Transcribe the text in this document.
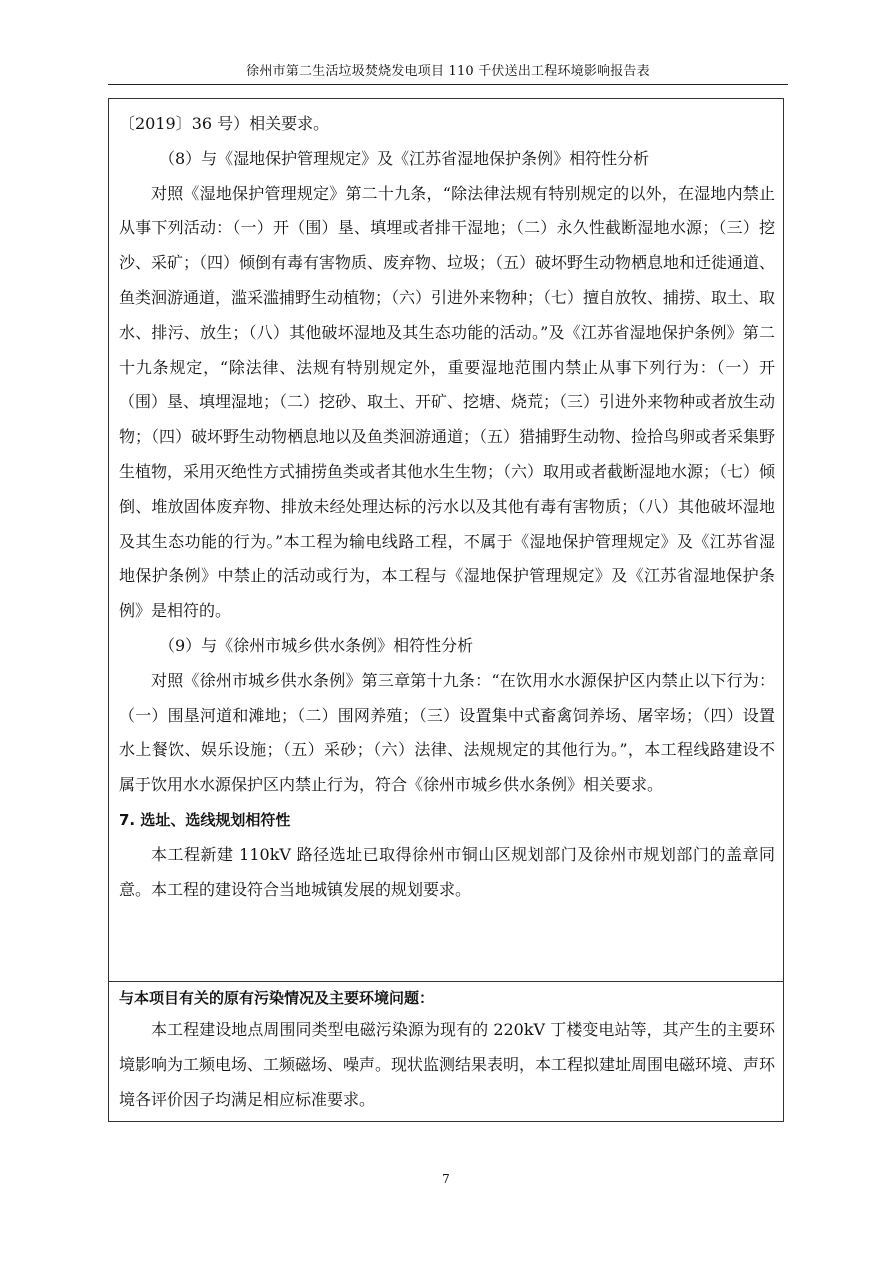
徐州市第二生活垃圾焚烧发电项目 110 千伏送出工程环境影响报告表

〔2019〕36 号）相关要求。

（8）与《湿地保护管理规定》及《江苏省湿地保护条例》相符性分析

对照《湿地保护管理规定》第二十九条，“除法律法规有特别规定的以外，在湿地内禁止从事下列活动：（一）开（围）垦、填埋或者排干湿地；（二）永久性截断湿地水源；（三）挖沙、采矿；（四）倾倒有毒有害物质、废弃物、垃圾；（五）破坏野生动物栖息地和迁徙通道、鱼类洄游通道，滥采滥捕野生动植物；（六）引进外来物种；（七）擅自放牧、捕捞、取土、取水、排污、放生；（八）其他破坏湿地及其生态功能的活动。”及《江苏省湿地保护条例》第二十九条规定，“除法律、法规有特别规定外，重要湿地范围内禁止从事下列行为：（一）开（围）垦、填埋湿地；（二）挖砂、取土、开矿、挖塘、烧荒；（三）引进外来物种或者放生动物；（四）破坏野生动物栖息地以及鱼类洄游通道；（五）猎捕野生动物、捡拾鸟卵或者采集野生植物，采用灭绝性方式捕捞鱼类或者其他水生生物；（六）取用或者截断湿地水源；（七）倾倒、堆放固体废弃物、排放未经处理达标的污水以及其他有毒有害物质；（八）其他破坏湿地及其生态功能的行为。”本工程为输电线路工程，不属于《湿地保护管理规定》及《江苏省湿地保护条例》中禁止的活动或行为，本工程与《湿地保护管理规定》及《江苏省湿地保护条例》是相符的。

（9）与《徐州市城乡供水条例》相符性分析

对照《徐州市城乡供水条例》第三章第十九条：“在饮用水水源保护区内禁止以下行为：（一）围垦河道和滩地；（二）围网养殖；（三）设置集中式畜禽饲养场、屠宰场；（四）设置水上餐饮、娱乐设施；（五）采砂；（六）法律、法规规定的其他行为。”，本工程线路建设不属于饮用水水源保护区内禁止行为，符合《徐州市城乡供水条例》相关要求。

7. 选址、选线规划相符性

本工程新建 110kV 路径选址已取得徐州市铜山区规划部门及徐州市规划部门的盖章同意。本工程的建设符合当地城镇发展的规划要求。

与本项目有关的原有污染情况及主要环境问题：

本工程建设地点周围同类型电磁污染源为现有的 220kV 丁楼变电站等，其产生的主要环境影响为工频电场、工频磁场、噪声。现状监测结果表明，本工程拟建址周围电磁环境、声环境各评价因子均满足相应标准要求。

7
